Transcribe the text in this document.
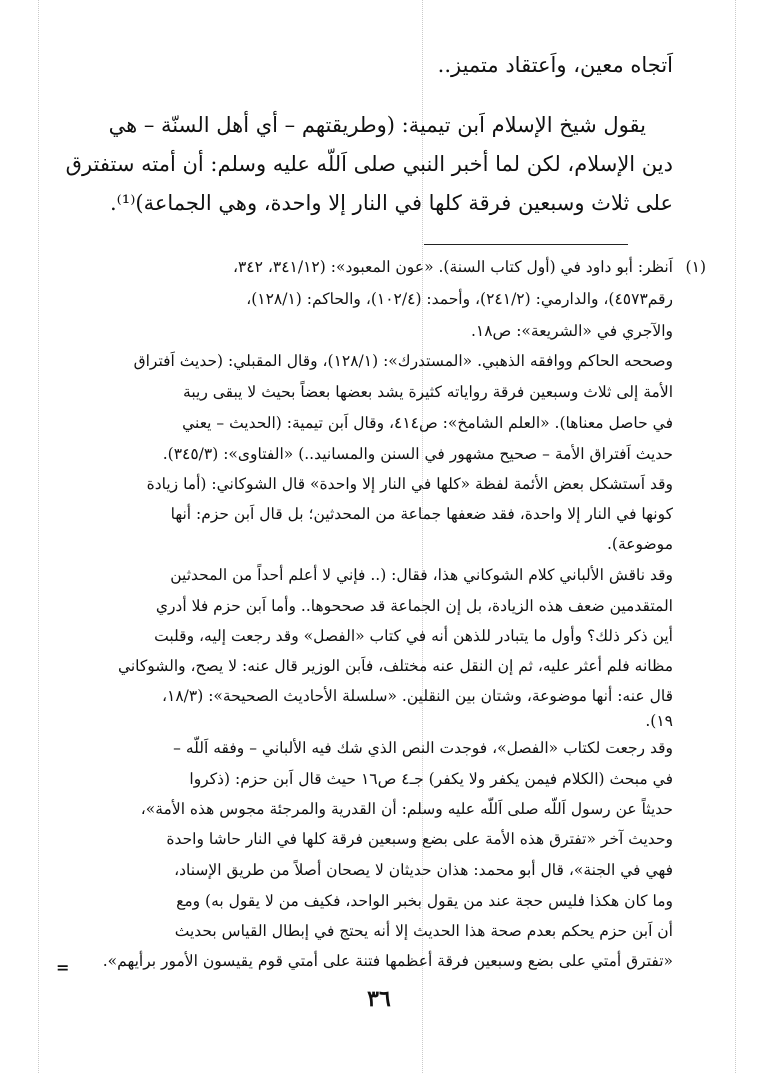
اَتجاه معين، واَعتقاد متميز..
يقول شيخ الإسلام اَبن تيمية: (وطريقتهم – أي أهل السنّة – هي
دين الإسلام، لكن لما أخبر النبي صلى اَللّه عليه وسلم: أن أمته ستفترق
على ثلاث وسبعين فرقة كلها في النار إلا واحدة، وهي الجماعة)⁽¹⁾.
(١)
اَنظر: أبو داود في (أول كتاب السنة). «عون المعبود»: (٣٤١/١٢، ٣٤٢،
رقم٤٥٧٣)، والدارمي: (٢٤١/٢)، وأحمد: (١٠٢/٤)، والحاكم: (١٢٨/١)،
والآجري في «الشريعة»: ص١٨.
وصححه الحاكم ووافقه الذهبي. «المستدرك»: (١٢٨/١)، وقال المقبلي: (حديث اَفتراق
الأمة إلى ثلاث وسبعين فرقة رواياته كثيرة يشد بعضها بعضاً بحيث لا يبقى ريبة
في حاصل معناها). «العلم الشامخ»: ص٤١٤، وقال اَبن تيمية: (الحديث – يعني
حديث اَفتراق الأمة – صحيح مشهور في السنن والمسانيد..) «الفتاوى»: (٣٤٥/٣).
وقد اَستشكل بعض الأئمة لفظة «كلها في النار إلا واحدة» قال الشوكاني: (أما زيادة
كونها في النار إلا واحدة، فقد ضعفها جماعة من المحدثين؛ بل قال اَبن حزم: أنها
موضوعة).
وقد ناقش الألباني كلام الشوكاني هذا، فقال: (.. فإني لا أعلم أحداً من المحدثين
المتقدمين ضعف هذه الزيادة، بل إن الجماعة قد صححوها.. وأما اَبن حزم فلا أدري
أين ذكر ذلك؟ وأول ما يتبادر للذهن أنه في كتاب «الفصل» وقد رجعت إليه، وقلبت
مظانه فلم أعثر عليه، ثم إن النقل عنه مختلف، فاَبن الوزير قال عنه: لا يصح، والشوكاني
قال عنه: أنها موضوعة، وشتان بين النقلين. «سلسلة الأحاديث الصحيحة»: (١٨/٣،
١٩).
وقد رجعت لكتاب «الفصل»، فوجدت النص الذي شك فيه الألباني – وفقه اَللّه –
في مبحث (الكلام فيمن يكفر ولا يكفر) جـ٤ ص١٦ حيث قال اَبن حزم: (ذكروا
حديثاً عن رسول اَللّه صلى اَللّه عليه وسلم: أن القدرية والمرجئة مجوس هذه الأمة»،
وحديث آخر «تفترق هذه الأمة على بضع وسبعين فرقة كلها في النار حاشا واحدة
فهي في الجنة»، قال أبو محمد: هذان حديثان لا يصحان أصلاً من طريق الإسناد،
وما كان هكذا فليس حجة عند من يقول بخبر الواحد، فكيف من لا يقول به) ومع
أن اَبن حزم يحكم بعدم صحة هذا الحديث إلا أنه يحتج في إبطال القياس بحديث
«تفترق أمتي على بضع وسبعين فرقة أعظمها فتنة على أمتي قوم يقيسون الأمور برأيهم».
=
٣٦
